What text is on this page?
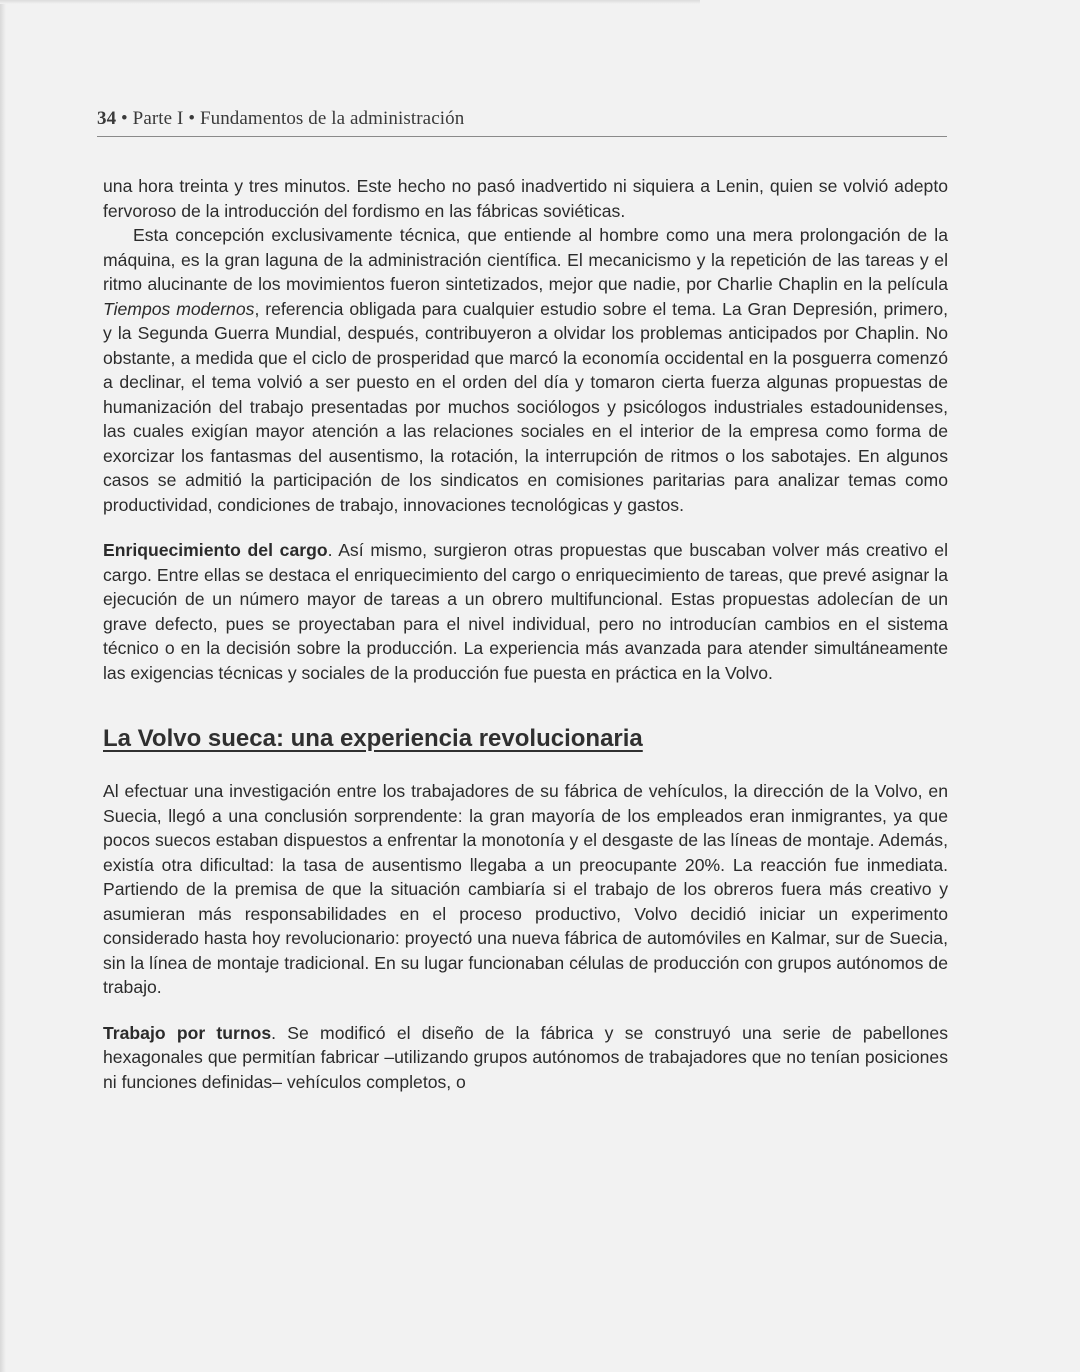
34 • Parte I • Fundamentos de la administración

una hora treinta y tres minutos. Este hecho no pasó inadvertido ni siquiera a Lenin, quien se volvió adepto fervoroso de la introducción del fordismo en las fábricas soviéticas.

Esta concepción exclusivamente técnica, que entiende al hombre como una mera prolongación de la máquina, es la gran laguna de la administración científica. El mecanicismo y la repetición de las tareas y el ritmo alucinante de los movimientos fueron sintetizados, mejor que nadie, por Charlie Chaplin en la película Tiempos modernos, referencia obligada para cualquier estudio sobre el tema. La Gran Depresión, primero, y la Segunda Guerra Mundial, después, contribuyeron a olvidar los problemas anticipados por Chaplin. No obstante, a medida que el ciclo de prosperidad que marcó la economía occidental en la posguerra comenzó a declinar, el tema volvió a ser puesto en el orden del día y tomaron cierta fuerza algunas propuestas de humanización del trabajo presentadas por muchos sociólogos y psicólogos industriales estadounidenses, las cuales exigían mayor atención a las relaciones sociales en el interior de la empresa como forma de exorcizar los fantasmas del ausentismo, la rotación, la interrupción de ritmos o los sabotajes. En algunos casos se admitió la participación de los sindicatos en comisiones paritarias para analizar temas como productividad, condiciones de trabajo, innovaciones tecnológicas y gastos.

Enriquecimiento del cargo. Así mismo, surgieron otras propuestas que buscaban volver más creativo el cargo. Entre ellas se destaca el enriquecimiento del cargo o enriquecimiento de tareas, que prevé asignar la ejecución de un número mayor de tareas a un obrero multifuncional. Estas propuestas adolecían de un grave defecto, pues se proyectaban para el nivel individual, pero no introducían cambios en el sistema técnico o en la decisión sobre la producción. La experiencia más avanzada para atender simultáneamente las exigencias técnicas y sociales de la producción fue puesta en práctica en la Volvo.

La Volvo sueca: una experiencia revolucionaria

Al efectuar una investigación entre los trabajadores de su fábrica de vehículos, la dirección de la Volvo, en Suecia, llegó a una conclusión sorprendente: la gran mayoría de los empleados eran inmigrantes, ya que pocos suecos estaban dispuestos a enfrentar la monotonía y el desgaste de las líneas de montaje. Además, existía otra dificultad: la tasa de ausentismo llegaba a un preocupante 20%. La reacción fue inmediata. Partiendo de la premisa de que la situación cambiaría si el trabajo de los obreros fuera más creativo y asumieran más responsabilidades en el proceso productivo, Volvo decidió iniciar un experimento considerado hasta hoy revolucionario: proyectó una nueva fábrica de automóviles en Kalmar, sur de Suecia, sin la línea de montaje tradicional. En su lugar funcionaban células de producción con grupos autónomos de trabajo.

Trabajo por turnos. Se modificó el diseño de la fábrica y se construyó una serie de pabellones hexagonales que permitían fabricar –utilizando grupos autónomos de trabajadores que no tenían posiciones ni funciones definidas– vehículos completos, o
